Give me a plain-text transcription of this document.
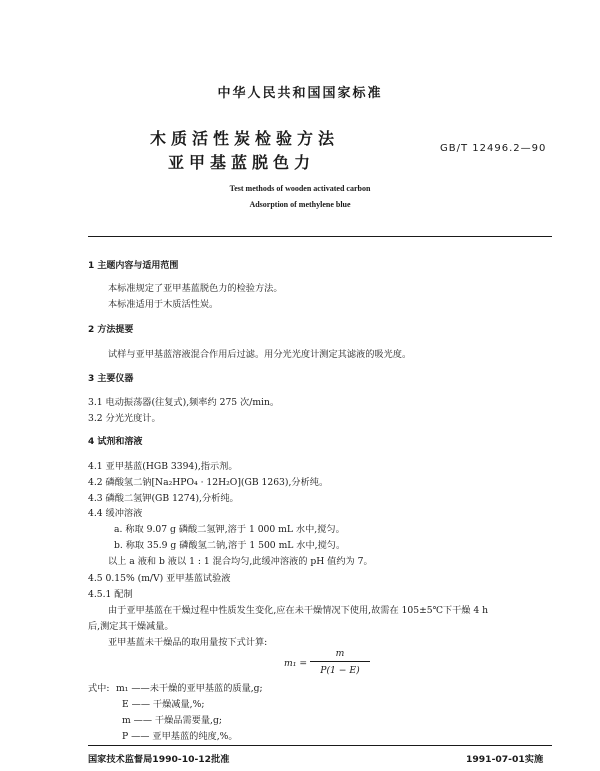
中华人民共和国国家标准
木质活性炭检验方法
亚甲基蓝脱色力
GB/T 12496.2—90
Test methods of wooden activated carbon
Adsorption of methylene blue
1 主题内容与适用范围
本标准规定了亚甲基蓝脱色力的检验方法。
本标准适用于木质活性炭。
2 方法提要
试样与亚甲基蓝溶液混合作用后过滤。用分光光度计测定其滤液的吸光度。
3 主要仪器
3.1 电动振荡器(往复式),频率约 275 次/min。
3.2 分光光度计。
4 试剂和溶液
4.1 亚甲基蓝(HGB 3394),指示剂。
4.2 磷酸氢二钠[Na₂HPO₄ · 12H₂O](GB 1263),分析纯。
4.3 磷酸二氢钾(GB 1274),分析纯。
4.4 缓冲溶液
a. 称取 9.07 g 磷酸二氢钾,溶于 1 000 mL 水中,搅匀。
b. 称取 35.9 g 磷酸氢二钠,溶于 1 500 mL 水中,搅匀。
以上 a 液和 b 液以 1 : 1 混合均匀,此缓冲溶液的 pH 值约为 7。
4.5 0.15% (m/V) 亚甲基蓝试验液
4.5.1 配制
由于亚甲基蓝在干燥过程中性质发生变化,应在未干燥情况下使用,故需在 105±5℃下干燥 4 h
后,测定其干燥减量。
亚甲基蓝未干燥品的取用量按下式计算:
m₁ =
m
P(1 − E)
式中: m₁ ——未干燥的亚甲基蓝的质量,g;
E —— 干燥减量,%;
m —— 干燥品需要量,g;
P —— 亚甲基蓝的纯度,%。
国家技术监督局1990-10-12批准	1991-07-01实施
